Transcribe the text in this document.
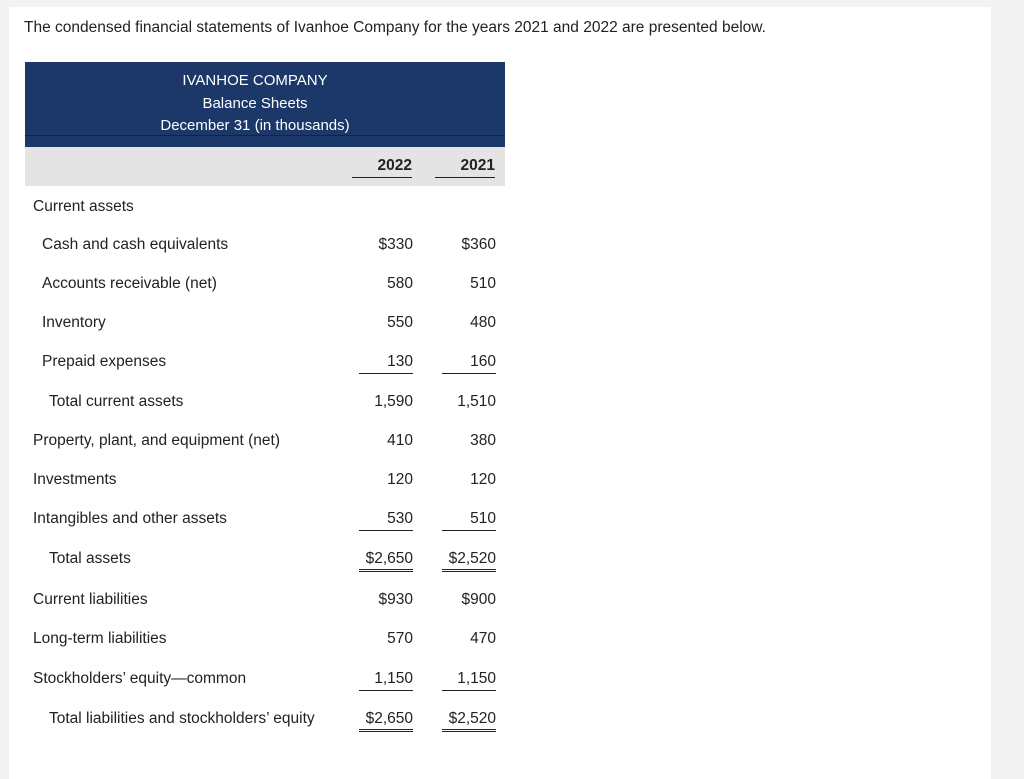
The condensed financial statements of Ivanhoe Company for the years 2021 and 2022 are presented below.

IVANHOE COMPANY
Balance Sheets
December 31 (in thousands)
2022	2021
Current assets
Cash and cash equivalents	$330	$360
Accounts receivable (net)	580	510
Inventory	550	480
Prepaid expenses	130	160
Total current assets	1,590	1,510
Property, plant, and equipment (net)	410	380
Investments	120	120
Intangibles and other assets	530	510
Total assets	$2,650	$2,520
Current liabilities	$930	$900
Long-term liabilities	570	470
Stockholders’ equity—common	1,150	1,150
Total liabilities and stockholders’ equity	$2,650	$2,520
